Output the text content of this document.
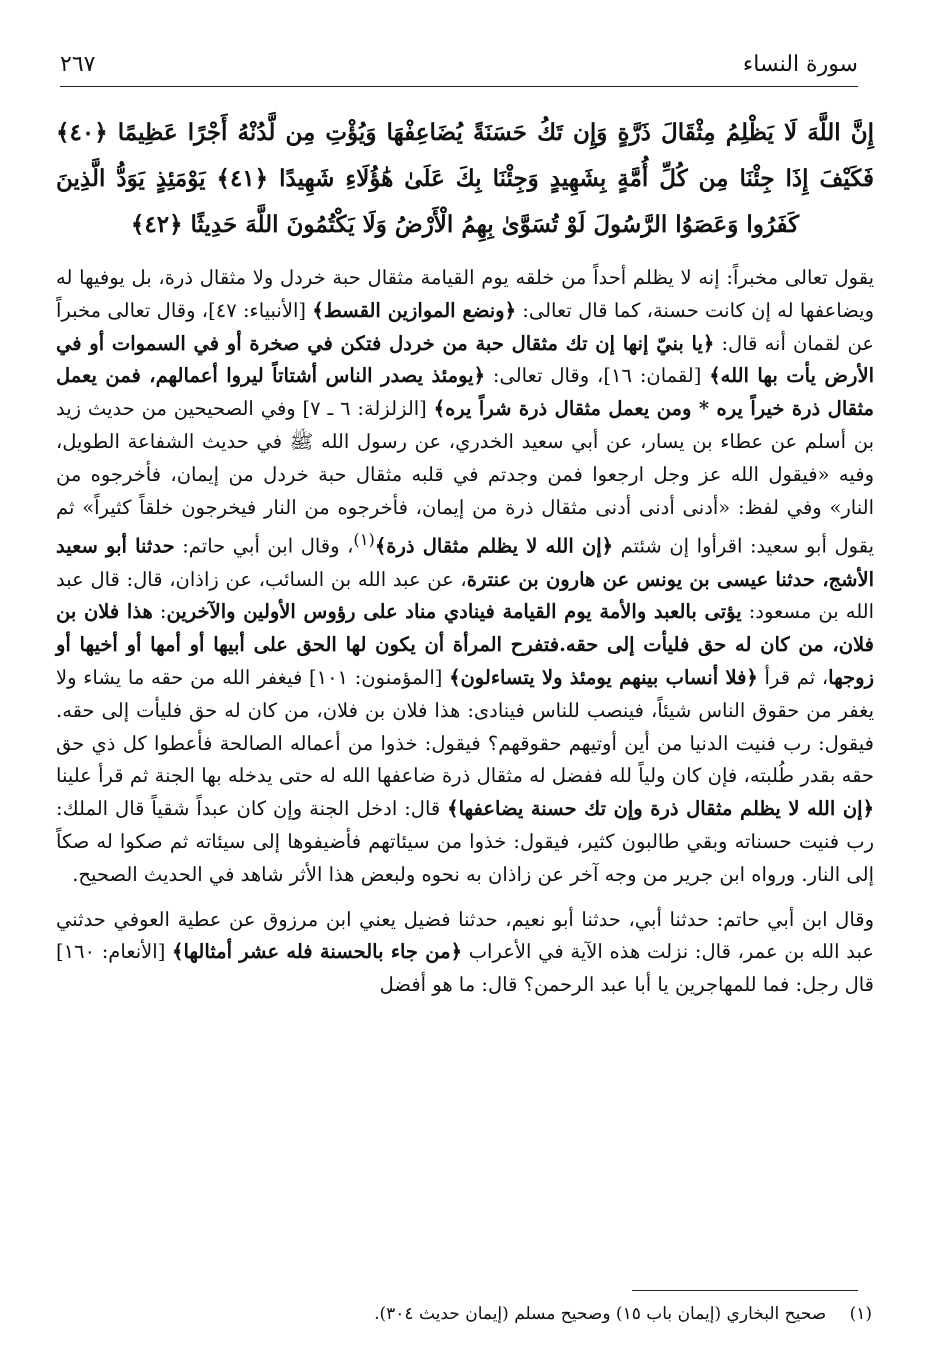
سورة النساء
٢٦٧
إِنَّ اللَّهَ لَا يَظْلِمُ مِثْقَالَ ذَرَّةٍ وَإِن تَكُ حَسَنَةً يُضَاعِفْهَا وَيُؤْتِ مِن لَّدُنْهُ أَجْرًا عَظِيمًا ﴿٤٠﴾ فَكَيْفَ إِذَا جِئْنَا مِن كُلِّ أُمَّةٍ بِشَهِيدٍ وَجِئْنَا بِكَ عَلَىٰ هَٰؤُلَاءِ شَهِيدًا ﴿٤١﴾ يَوْمَئِذٍ يَوَدُّ الَّذِينَ كَفَرُوا وَعَصَوُا الرَّسُولَ لَوْ تُسَوَّىٰ بِهِمُ الْأَرْضُ وَلَا يَكْتُمُونَ اللَّهَ حَدِيثًا ﴿٤٢﴾

يقول تعالى مخبراً: إنه لا يظلم أحداً من خلقه يوم القيامة مثقال حبة خردل ولا مثقال ذرة، بل يوفيها له ويضاعفها له إن كانت حسنة، كما قال تعالى: ﴿ونضع الموازين القسط﴾ [الأنبياء: ٤٧]، وقال تعالى مخبراً عن لقمان أنه قال: ﴿يا بنيّ إنها إن تك مثقال حبة من خردل فتكن في صخرة أو في السموات أو في الأرض يأت بها الله﴾ [لقمان: ١٦]، وقال تعالى: ﴿يومئذ يصدر الناس أشتاتاً ليروا أعمالهم، فمن يعمل مثقال ذرة خيراً يره * ومن يعمل مثقال ذرة شراً يره﴾ [الزلزلة: ٦ ـ ٧] وفي الصحيحين من حديث زيد بن أسلم عن عطاء بن يسار، عن أبي سعيد الخدري، عن رسول الله ﷺ في حديث الشفاعة الطويل، وفيه «فيقول الله عز وجل ارجعوا فمن وجدتم في قلبه مثقال حبة خردل من إيمان، فأخرجوه من النار» وفي لفظ: «أدنى أدنى أدنى مثقال ذرة من إيمان، فأخرجوه من النار فيخرجون خلقاً كثيراً» ثم يقول أبو سعيد: اقرأوا إن شئتم ﴿إن الله لا يظلم مثقال ذرة﴾$^{(١)}$، وقال ابن أبي حاتم: حدثنا أبو سعيد الأشج، حدثنا عيسى بن يونس عن هارون بن عنترة، عن عبد الله بن السائب، عن زاذان، قال: قال عبد الله بن مسعود: يؤتى بالعبد والأمة يوم القيامة فينادي مناد على رؤوس الأولين والآخرين: هذا فلان بن فلان، من كان له حق فليأت إلى حقه.فتفرح المرأة أن يكون لها الحق على أبيها أو أمها أو أخيها أو زوجها، ثم قرأ ﴿فلا أنساب بينهم يومئذ ولا يتساءلون﴾ [المؤمنون: ١٠١] فيغفر الله من حقه ما يشاء ولا يغفر من حقوق الناس شيئاً، فينصب للناس فينادى: هذا فلان بن فلان، من كان له حق فليأت إلى حقه. فيقول: رب فنيت الدنيا من أين أوتيهم حقوقهم؟ فيقول: خذوا من أعماله الصالحة فأعطوا كل ذي حق حقه بقدر طُلبته، فإن كان ولياً لله ففضل له مثقال ذرة ضاعفها الله له حتى يدخله بها الجنة ثم قرأ علينا ﴿إن الله لا يظلم مثقال ذرة وإن تك حسنة يضاعفها﴾ قال: ادخل الجنة وإن كان عبداً شقياً قال الملك: رب فنيت حسناته وبقي طالبون كثير، فيقول: خذوا من سيئاتهم فأضيفوها إلى سيئاته ثم صكوا له صكاً إلى النار. ورواه ابن جرير من وجه آخر عن زاذان به نحوه ولبعض هذا الأثر شاهد في الحديث الصحيح.

وقال ابن أبي حاتم: حدثنا أبي، حدثنا أبو نعيم، حدثنا فضيل يعني ابن مرزوق عن عطية العوفي حدثني عبد الله بن عمر، قال: نزلت هذه الآية في الأعراب ﴿من جاء بالحسنة فله عشر أمثالها﴾ [الأنعام: ١٦٠] قال رجل: فما للمهاجرين يا أبا عبد الرحمن؟ قال: ما هو أفضل

(١) صحيح البخاري (إيمان باب ١٥) وصحيح مسلم (إيمان حديث ٣٠٤).
